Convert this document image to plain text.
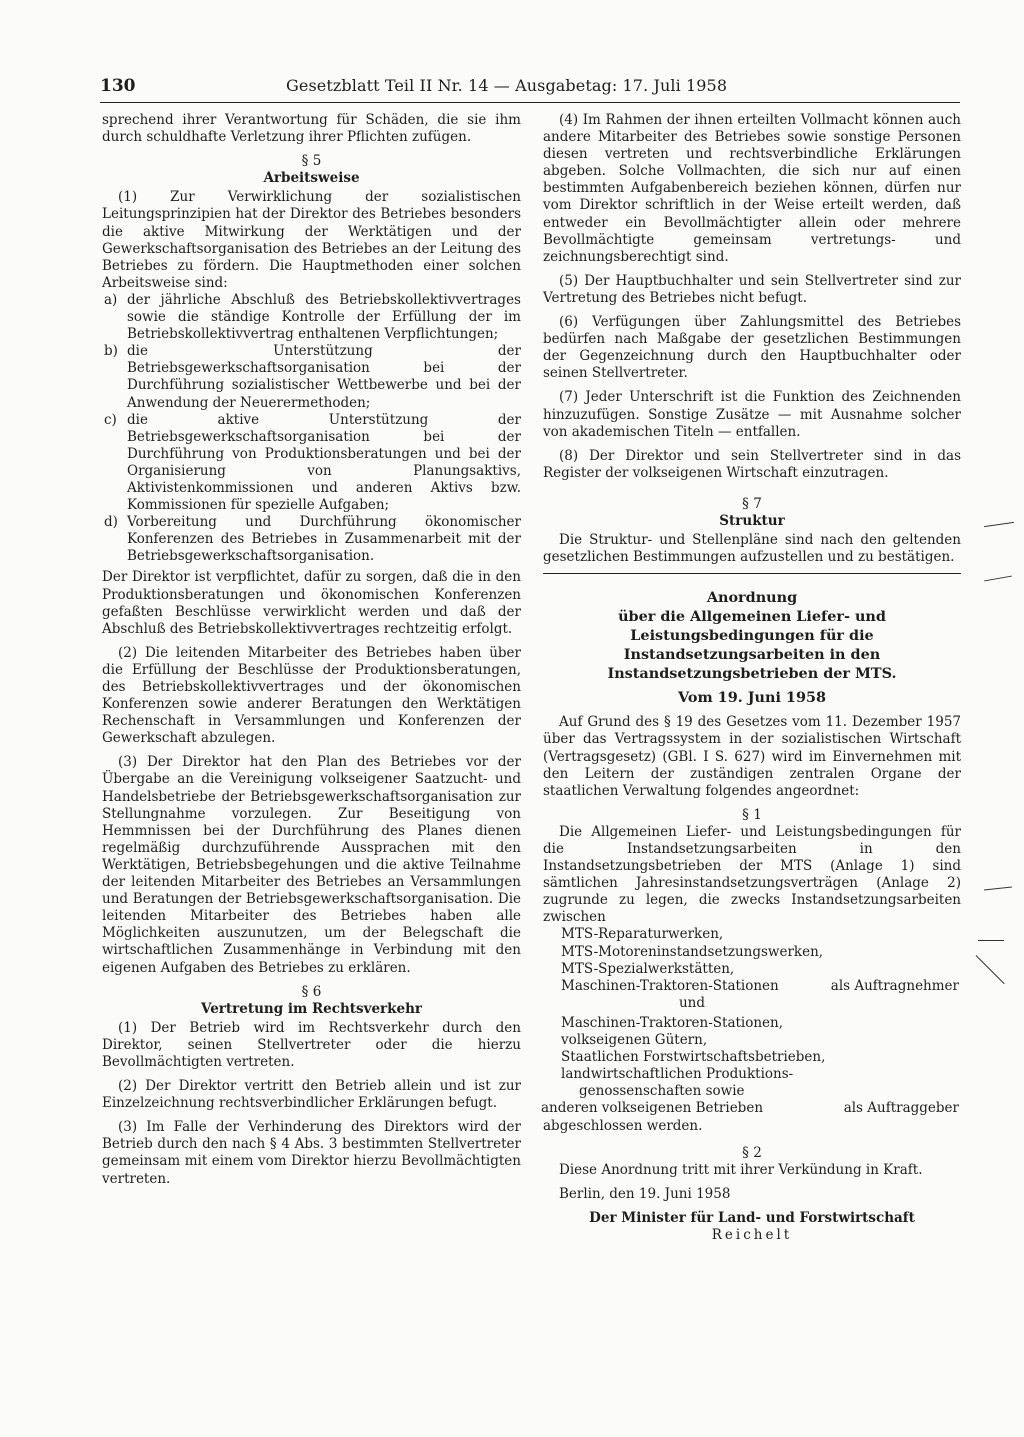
130	Gesetzblatt Teil II Nr. 14 — Ausgabetag: 17. Juli 1958

sprechend ihrer Verantwortung für Schäden, die sie ihm durch schuldhafte Verletzung ihrer Pflichten zufügen.

§ 5
Arbeitsweise

(1) Zur Verwirklichung der sozialistischen Leitungsprinzipien hat der Direktor des Betriebes besonders die aktive Mitwirkung der Werktätigen und der Gewerkschaftsorganisation des Betriebes an der Leitung des Betriebes zu fördern. Die Hauptmethoden einer solchen Arbeitsweise sind:

a) der jährliche Abschluß des Betriebskollektivvertrages sowie die ständige Kontrolle der Erfüllung der im Betriebskollektivvertrag enthaltenen Verpflichtungen;
b) die Unterstützung der Betriebsgewerkschaftsorganisation bei der Durchführung sozialistischer Wettbewerbe und bei der Anwendung der Neuerermethoden;
c) die aktive Unterstützung der Betriebsgewerkschaftsorganisation bei der Durchführung von Produktionsberatungen und bei der Organisierung von Planungsaktivs, Aktivistenkommissionen und anderen Aktivs bzw. Kommissionen für spezielle Aufgaben;
d) Vorbereitung und Durchführung ökonomischer Konferenzen des Betriebes in Zusammenarbeit mit der Betriebsgewerkschaftsorganisation.

Der Direktor ist verpflichtet, dafür zu sorgen, daß die in den Produktionsberatungen und ökonomischen Konferenzen gefaßten Beschlüsse verwirklicht werden und daß der Abschluß des Betriebskollektivvertrages rechtzeitig erfolgt.

(2) Die leitenden Mitarbeiter des Betriebes haben über die Erfüllung der Beschlüsse der Produktionsberatungen, des Betriebskollektivvertrages und der ökonomischen Konferenzen sowie anderer Beratungen den Werktätigen Rechenschaft in Versammlungen und Konferenzen der Gewerkschaft abzulegen.

(3) Der Direktor hat den Plan des Betriebes vor der Übergabe an die Vereinigung volkseigener Saatzucht- und Handelsbetriebe der Betriebsgewerkschaftsorganisation zur Stellungnahme vorzulegen. Zur Beseitigung von Hemmnissen bei der Durchführung des Planes dienen regelmäßig durchzuführende Aussprachen mit den Werktätigen, Betriebsbegehungen und die aktive Teilnahme der leitenden Mitarbeiter des Betriebes an Versammlungen und Beratungen der Betriebsgewerkschaftsorganisation. Die leitenden Mitarbeiter des Betriebes haben alle Möglichkeiten auszunutzen, um der Belegschaft die wirtschaftlichen Zusammenhänge in Verbindung mit den eigenen Aufgaben des Betriebes zu erklären.

§ 6
Vertretung im Rechtsverkehr

(1) Der Betrieb wird im Rechtsverkehr durch den Direktor, seinen Stellvertreter oder die hierzu Bevollmächtigten vertreten.

(2) Der Direktor vertritt den Betrieb allein und ist zur Einzelzeichnung rechtsverbindlicher Erklärungen befugt.

(3) Im Falle der Verhinderung des Direktors wird der Betrieb durch den nach § 4 Abs. 3 bestimmten Stellvertreter gemeinsam mit einem vom Direktor hierzu Bevollmächtigten vertreten.

(4) Im Rahmen der ihnen erteilten Vollmacht können auch andere Mitarbeiter des Betriebes sowie sonstige Personen diesen vertreten und rechtsverbindliche Erklärungen abgeben. Solche Vollmachten, die sich nur auf einen bestimmten Aufgabenbereich beziehen können, dürfen nur vom Direktor schriftlich in der Weise erteilt werden, daß entweder ein Bevollmächtigter allein oder mehrere Bevollmächtigte gemeinsam vertretungs- und zeichnungsberechtigt sind.

(5) Der Hauptbuchhalter und sein Stellvertreter sind zur Vertretung des Betriebes nicht befugt.

(6) Verfügungen über Zahlungsmittel des Betriebes bedürfen nach Maßgabe der gesetzlichen Bestimmungen der Gegenzeichnung durch den Hauptbuchhalter oder seinen Stellvertreter.

(7) Jeder Unterschrift ist die Funktion des Zeichnenden hinzuzufügen. Sonstige Zusätze — mit Ausnahme solcher von akademischen Titeln — entfallen.

(8) Der Direktor und sein Stellvertreter sind in das Register der volkseigenen Wirtschaft einzutragen.

§ 7
Struktur

Die Struktur- und Stellenpläne sind nach den geltenden gesetzlichen Bestimmungen aufzustellen und zu bestätigen.

Anordnung
über die Allgemeinen Liefer- und Leistungsbedingungen für die Instandsetzungsarbeiten in den Instandsetzungsbetrieben der MTS.
Vom 19. Juni 1958

Auf Grund des § 19 des Gesetzes vom 11. Dezember 1957 über das Vertragssystem in der sozialistischen Wirtschaft (Vertragsgesetz) (GBl. I S. 627) wird im Einvernehmen mit den Leitern der zuständigen zentralen Organe der staatlichen Verwaltung folgendes angeordnet:

§ 1

Die Allgemeinen Liefer- und Leistungsbedingungen für die Instandsetzungsarbeiten in den Instandsetzungsbetrieben der MTS (Anlage 1) sind sämtlichen Jahresinstandsetzungsverträgen (Anlage 2) zugrunde zu legen, die zwecks Instandsetzungsarbeiten zwischen

MTS-Reparaturwerken,
MTS-Motoreninstandsetzungswerken,
MTS-Spezialwerkstätten,
Maschinen-Traktoren-Stationen	als Auftragnehmer
und
Maschinen-Traktoren-Stationen,
volkseigenen Gütern,
Staatlichen Forstwirtschaftsbetrieben,
landwirtschaftlichen Produktions-
genossenschaften sowie
anderen volkseigenen Betrieben	als Auftraggeber

abgeschlossen werden.

§ 2

Diese Anordnung tritt mit ihrer Verkündung in Kraft.

Berlin, den 19. Juni 1958

Der Minister für Land- und Forstwirtschaft
Reichelt
